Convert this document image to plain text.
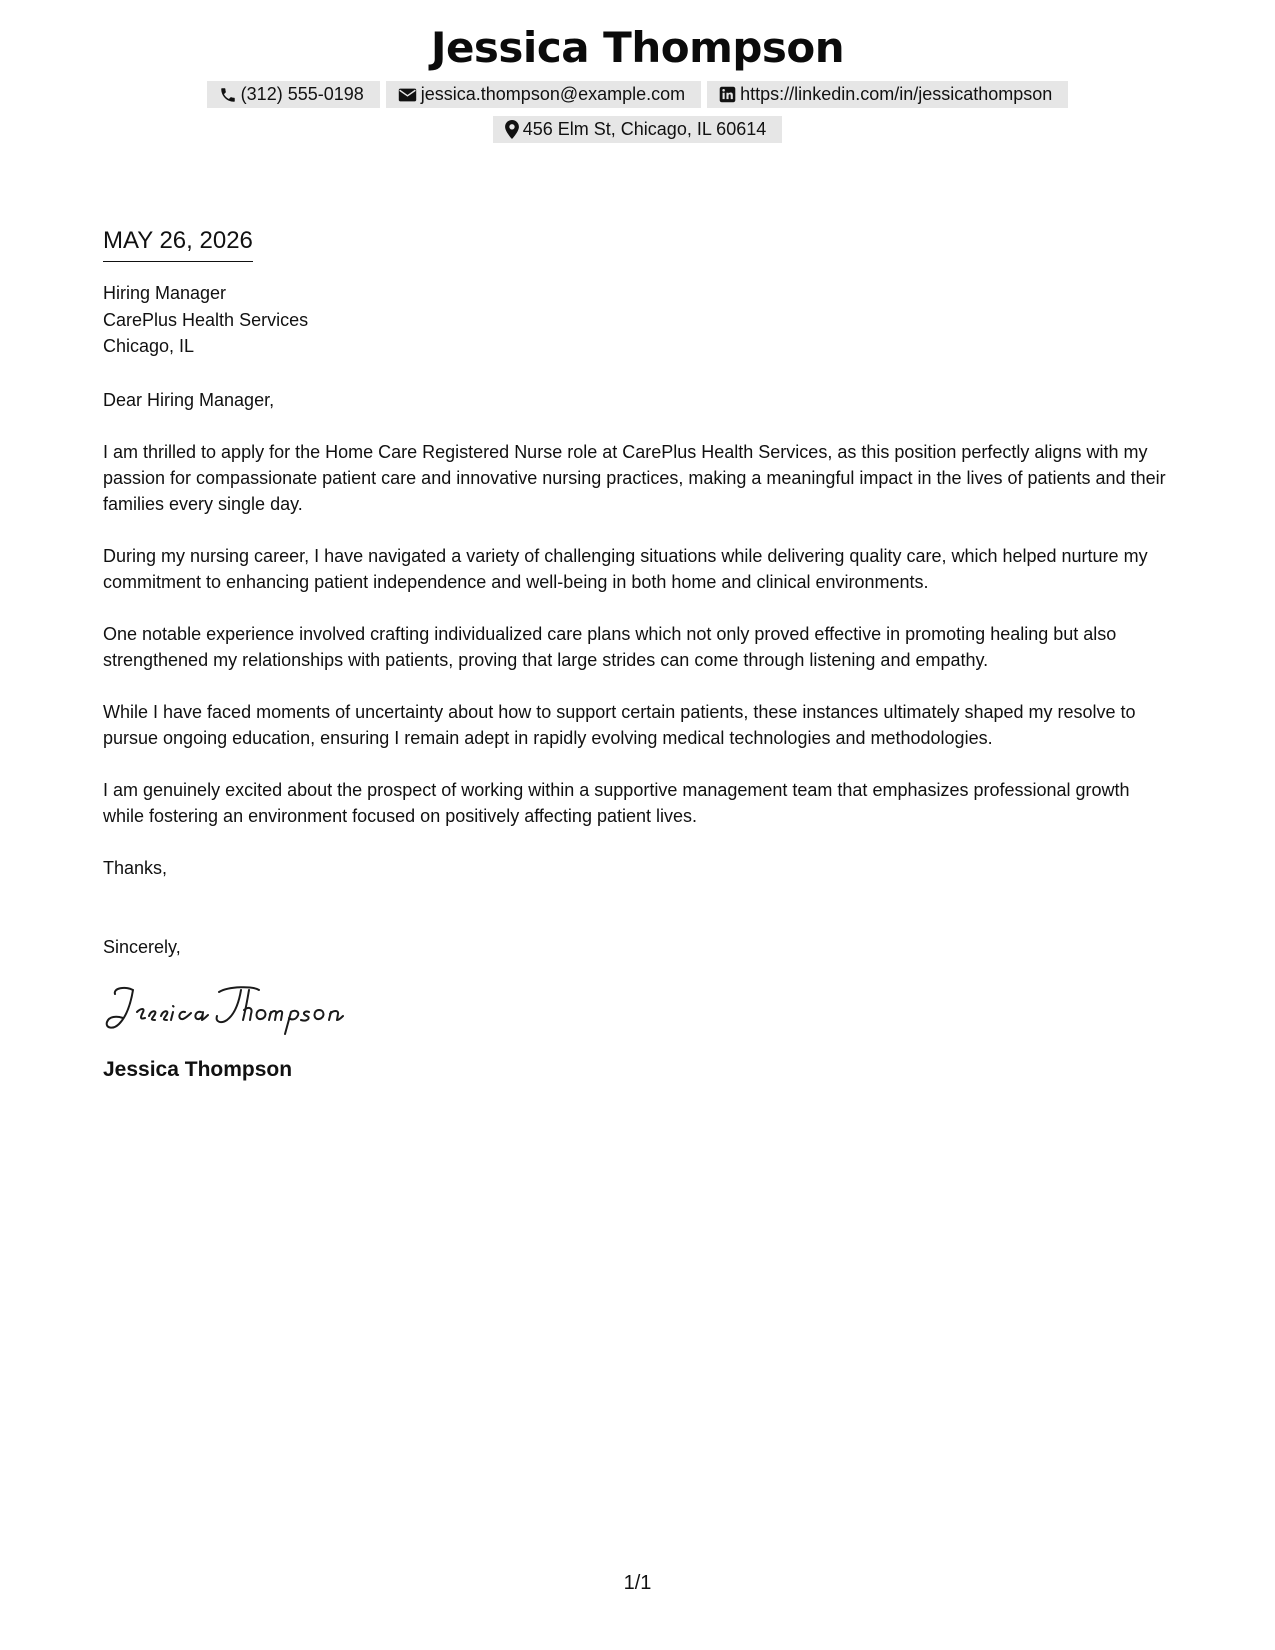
Jessica Thompson
(312) 555-0198	jessica.thompson@example.com	https://linkedin.com/in/jessicathompson
456 Elm St, Chicago, IL 60614
MAY 26, 2026
Hiring Manager
CarePlus Health Services
Chicago, IL
Dear Hiring Manager,
I am thrilled to apply for the Home Care Registered Nurse role at CarePlus Health Services, as this position perfectly aligns with my passion for compassionate patient care and innovative nursing practices, making a meaningful impact in the lives of patients and their families every single day.
During my nursing career, I have navigated a variety of challenging situations while delivering quality care, which helped nurture my commitment to enhancing patient independence and well-being in both home and clinical environments.
One notable experience involved crafting individualized care plans which not only proved effective in promoting healing but also strengthened my relationships with patients, proving that large strides can come through listening and empathy.
While I have faced moments of uncertainty about how to support certain patients, these instances ultimately shaped my resolve to pursue ongoing education, ensuring I remain adept in rapidly evolving medical technologies and methodologies.
I am genuinely excited about the prospect of working within a supportive management team that emphasizes professional growth while fostering an environment focused on positively affecting patient lives.
Thanks,
Sincerely,
Jessica Thompson
1/1
